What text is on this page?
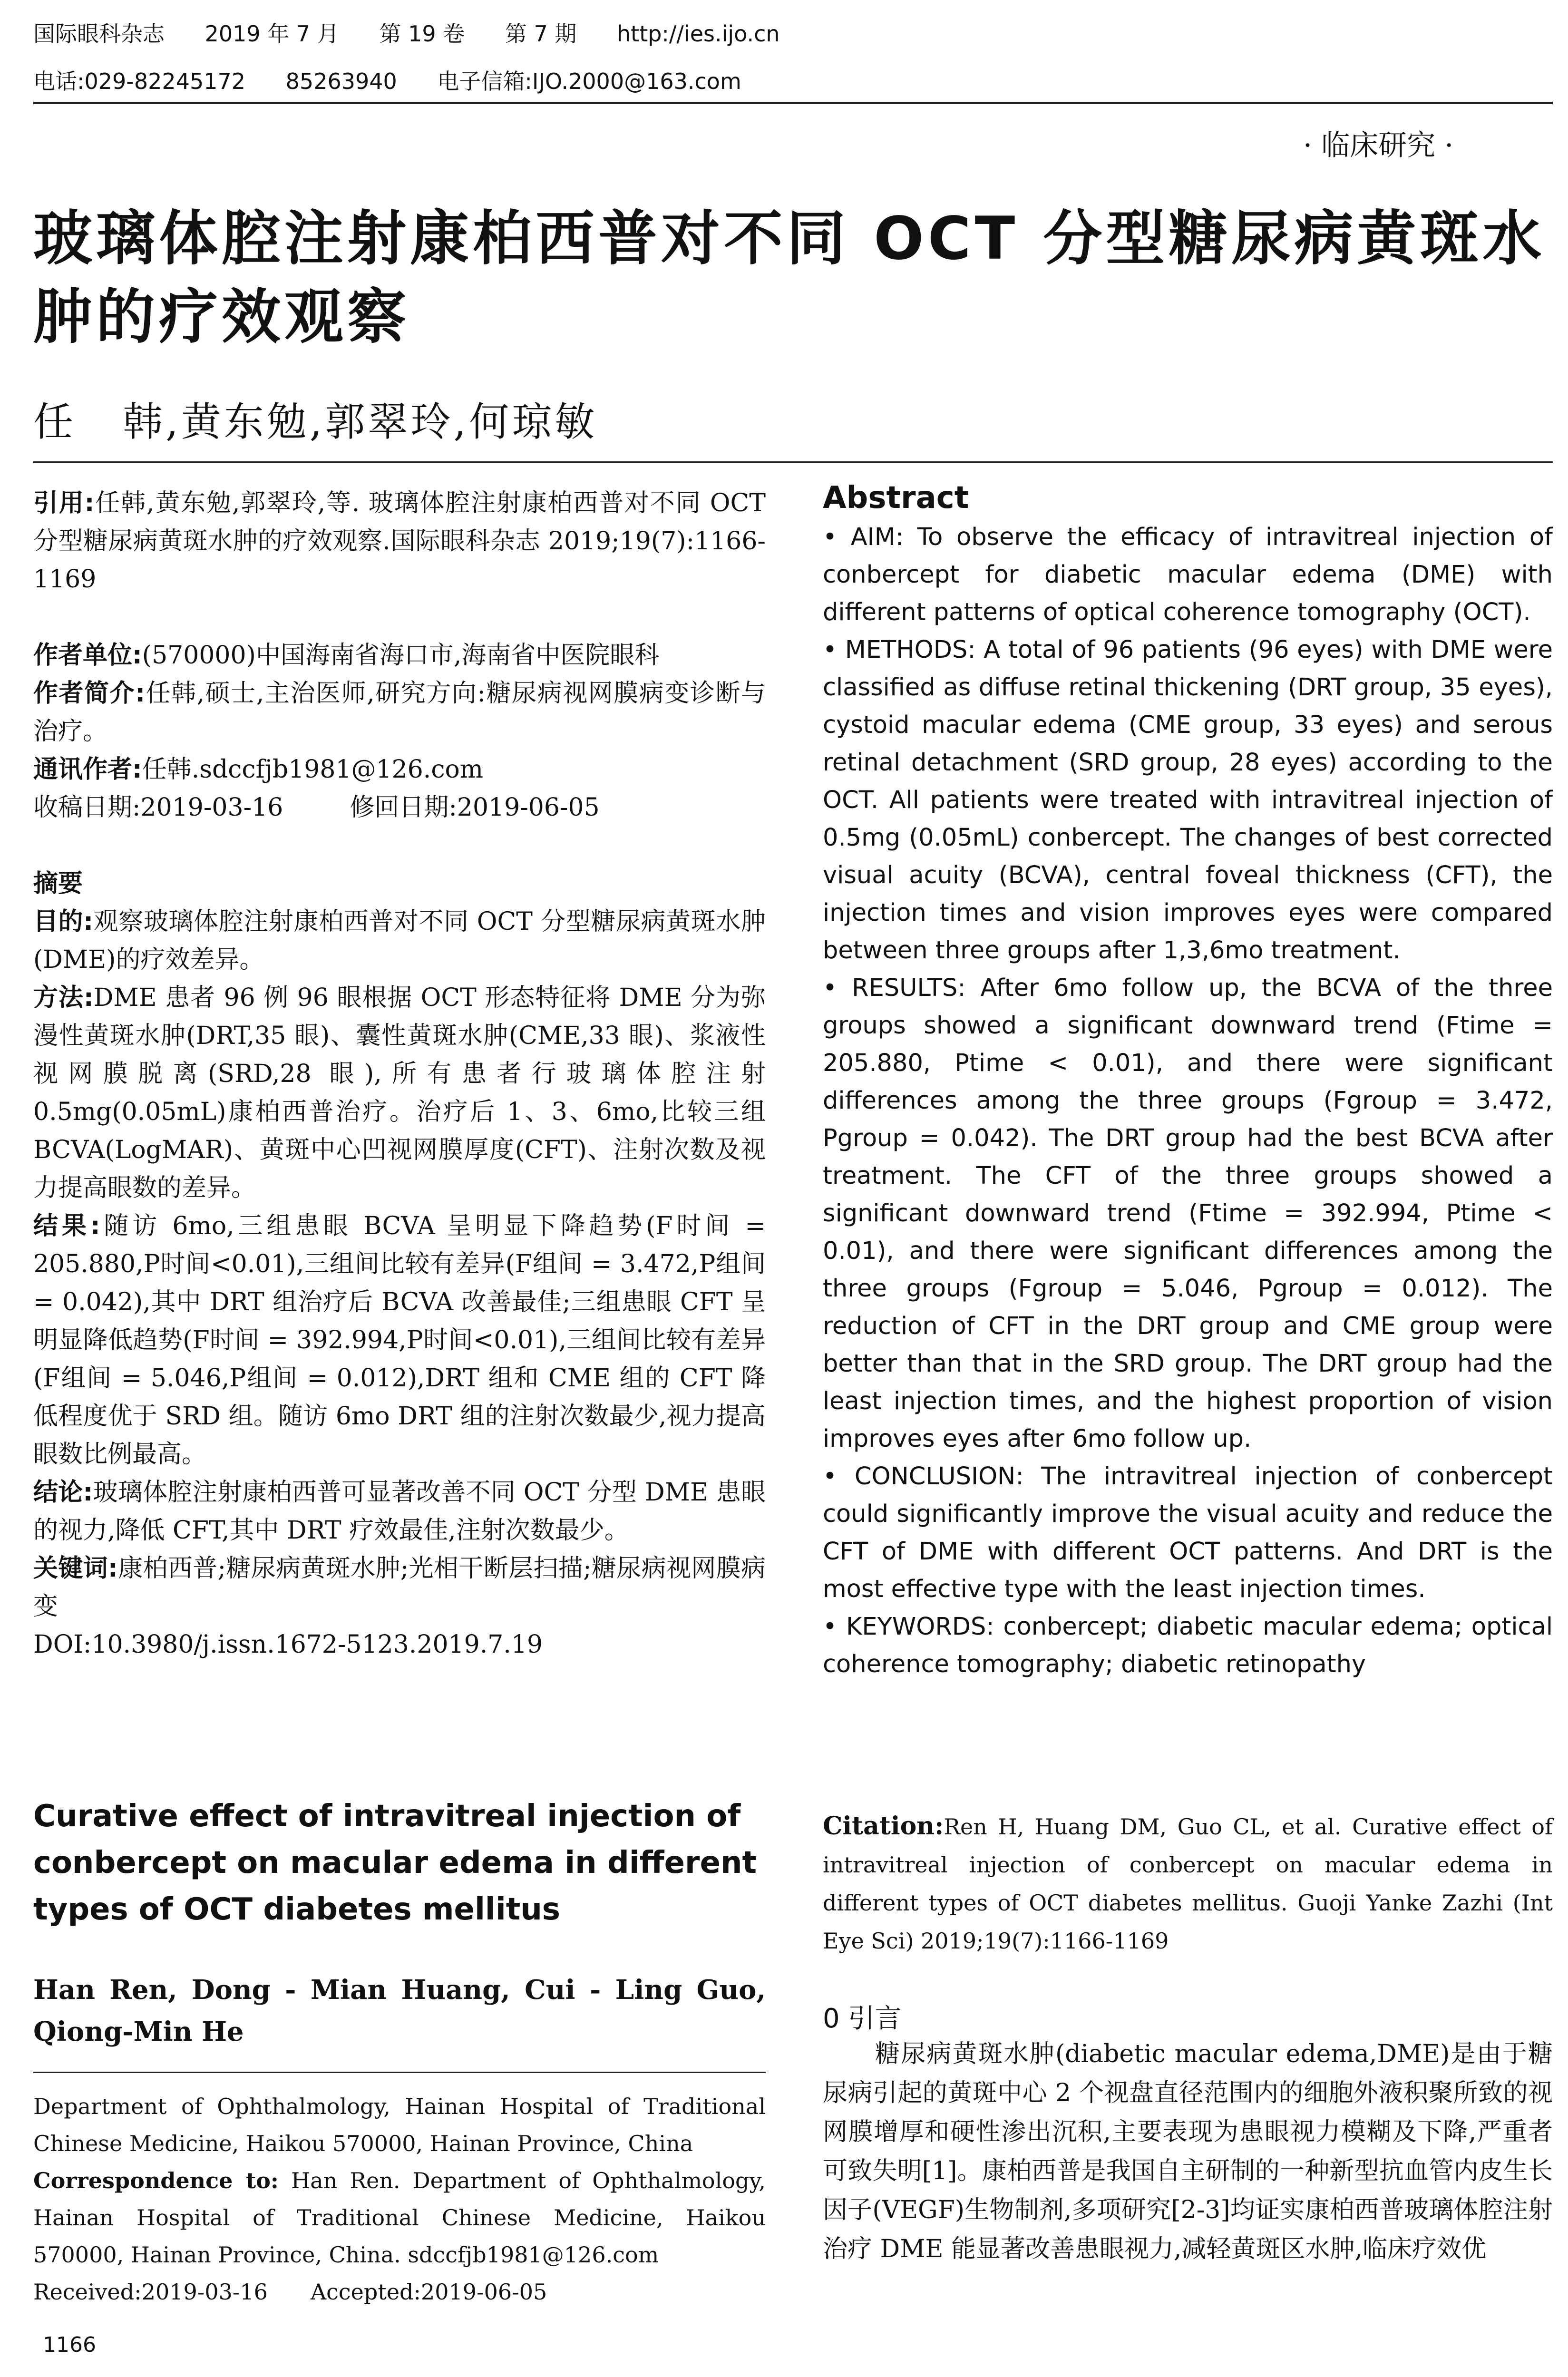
国际眼科杂志 2019 年 7 月 第 19 卷 第 7 期 http://ies.ijo.cn
电话:029-82245172 85263940 电子信箱:IJO.2000@163.com
· 临床研究 ·
玻璃体腔注射康柏西普对不同 OCT 分型糖尿病黄斑水
肿的疗效观察
任   韩,黄东勉,郭翠玲,何琼敏

引用:任韩,黄东勉,郭翠玲,等. 玻璃体腔注射康柏西普对不同 OCT 分型糖尿病黄斑水肿的疗效观察.国际眼科杂志 2019;19(7):1166-1169

作者单位:(570000)中国海南省海口市,海南省中医院眼科

作者简介:任韩,硕士,主治医师,研究方向:糖尿病视网膜病变诊断与治疗。

通讯作者:任韩.sdccfjb1981@126.com

收稿日期:2019-03-16	修回日期:2019-06-05

摘要

目的:观察玻璃体腔注射康柏西普对不同 OCT 分型糖尿病黄斑水肿(DME)的疗效差异。

方法:DME 患者 96 例 96 眼根据 OCT 形态特征将 DME 分为弥漫性黄斑水肿(DRT,35 眼)、囊性黄斑水肿(CME,33 眼)、浆液性视网膜脱离(SRD,28 眼),所有患者行玻璃体腔注射 0.5mg(0.05mL)康柏西普治疗。治疗后 1、3、6mo,比较三组 BCVA(LogMAR)、黄斑中心凹视网膜厚度(CFT)、注射次数及视力提高眼数的差异。

结果:随访 6mo,三组患眼 BCVA 呈明显下降趋势(F时间 = 205.880,P时间<0.01),三组间比较有差异(F组间 = 3.472,P组间 = 0.042),其中 DRT 组治疗后 BCVA 改善最佳;三组患眼 CFT 呈明显降低趋势(F时间 = 392.994,P时间<0.01),三组间比较有差异(F组间 = 5.046,P组间 = 0.012),DRT 组和 CME 组的 CFT 降低程度优于 SRD 组。随访 6mo DRT 组的注射次数最少,视力提高眼数比例最高。

结论:玻璃体腔注射康柏西普可显著改善不同 OCT 分型 DME 患眼的视力,降低 CFT,其中 DRT 疗效最佳,注射次数最少。

关键词:康柏西普;糖尿病黄斑水肿;光相干断层扫描;糖尿病视网膜病变

DOI:10.3980/j.issn.1672-5123.2019.7.19

Curative effect of intravitreal injection of conbercept on macular edema in different types of OCT diabetes mellitus
Han Ren, Dong - Mian Huang, Cui - Ling Guo, Qiong-Min He
Department of Ophthalmology, Hainan Hospital of Traditional Chinese Medicine, Haikou 570000, Hainan Province, China
Correspondence to: Han Ren. Department of Ophthalmology, Hainan Hospital of Traditional Chinese Medicine, Haikou 570000, Hainan Province, China. sdccfjb1981@126.com
Received:2019-03-16 Accepted:2019-06-05
Abstract

• AIM: To observe the efficacy of intravitreal injection of conbercept for diabetic macular edema (DME) with different patterns of optical coherence tomography (OCT).

• METHODS: A total of 96 patients (96 eyes) with DME were classified as diffuse retinal thickening (DRT group, 35 eyes), cystoid macular edema (CME group, 33 eyes) and serous retinal detachment (SRD group, 28 eyes) according to the OCT. All patients were treated with intravitreal injection of 0.5mg (0.05mL) conbercept. The changes of best corrected visual acuity (BCVA), central foveal thickness (CFT), the injection times and vision improves eyes were compared between three groups after 1,3,6mo treatment.

• RESULTS: After 6mo follow up, the BCVA of the three groups showed a significant downward trend (Ftime = 205.880, Ptime < 0.01), and there were significant differences among the three groups (Fgroup = 3.472, Pgroup = 0.042). The DRT group had the best BCVA after treatment. The CFT of the three groups showed a significant downward trend (Ftime = 392.994, Ptime < 0.01), and there were significant differences among the three groups (Fgroup = 5.046, Pgroup = 0.012). The reduction of CFT in the DRT group and CME group were better than that in the SRD group. The DRT group had the least injection times, and the highest proportion of vision improves eyes after 6mo follow up.

• CONCLUSION: The intravitreal injection of conbercept could significantly improve the visual acuity and reduce the CFT of DME with different OCT patterns. And DRT is the most effective type with the least injection times.

• KEYWORDS: conbercept; diabetic macular edema; optical coherence tomography; diabetic retinopathy

Citation:Ren H, Huang DM, Guo CL, et al. Curative effect of intravitreal injection of conbercept on macular edema in different types of OCT diabetes mellitus. Guoji Yanke Zazhi (Int Eye Sci) 2019;19(7):1166-1169
0 引言
糖尿病黄斑水肿(diabetic macular edema,DME)是由于糖尿病引起的黄斑中心 2 个视盘直径范围内的细胞外液积聚所致的视网膜增厚和硬性渗出沉积,主要表现为患眼视力模糊及下降,严重者可致失明[1]。康柏西普是我国自主研制的一种新型抗血管内皮生长因子(VEGF)生物制剂,多项研究[2-3]均证实康柏西普玻璃体腔注射治疗 DME 能显著改善患眼视力,减轻黄斑区水肿,临床疗效优
1166
